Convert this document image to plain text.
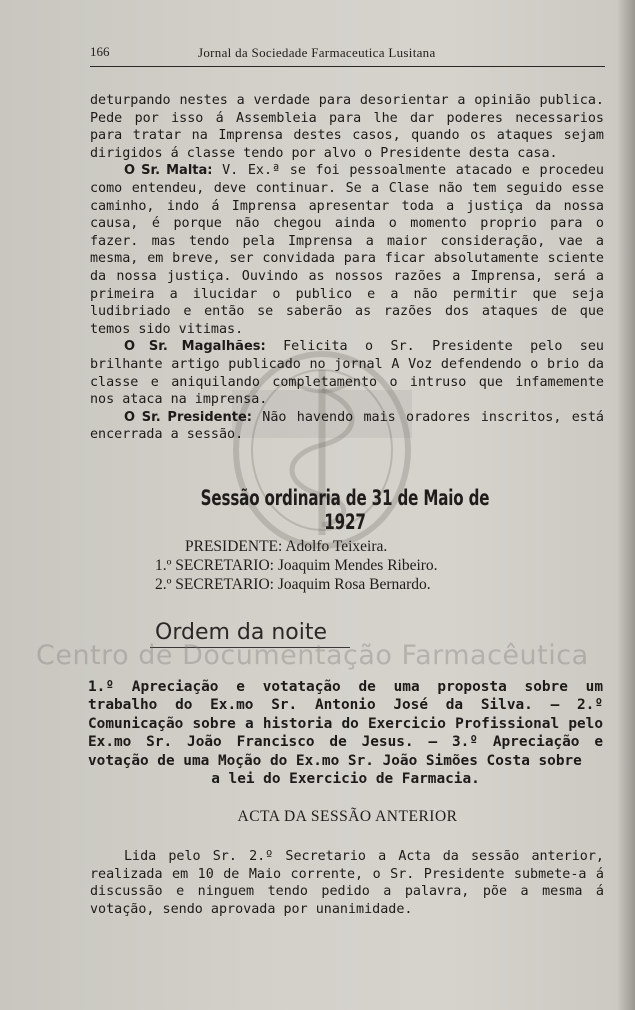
166	Jornal da Sociedade Farmaceutica Lusitana

deturpando nestes a verdade para desorientar a opinião publica. Pede por isso á Assembleia para lhe dar poderes necessarios para tratar na Imprensa destes casos, quando os ataques sejam dirigidos á classe tendo por alvo o Presidente desta casa.

O Sr. Malta: V. Ex.ª se foi pessoalmente atacado e procedeu como entendeu, deve continuar. Se a Clase não tem seguido esse caminho, indo á Imprensa apresentar toda a justiça da nossa causa, é porque não chegou ainda o momento proprio para o fazer. mas tendo pela Imprensa a maior consideração, vae a mesma, em breve, ser convidada para ficar absolutamente sciente da nossa justiça. Ouvindo as nossos razões a Imprensa, será a primeira a ilucidar o publico e a não permitir que seja ludibriado e então se saberão as razões dos ataques de que temos sido vitimas.

O Sr. Magalhães: Felicita o Sr. Presidente pelo seu brilhante artigo publicado no jornal A Voz defendendo o brio da classe e aniquilando completamento o intruso que infamemente nos ataca na imprensa.

O Sr. Presidente: Não havendo mais oradores inscritos, está encerrada a sessão.

Sessão ordinaria de 31 de Maio de 1927
PRESIDENTE: Adolfo Teixeira.
1.º SECRETARIO: Joaquim Mendes Ribeiro.
2.º SECRETARIO: Joaquim Rosa Bernardo.
Ordem da noite
Centro de Documentação Farmacêutica
1.º Apreciação e votatação de uma proposta sobre um trabalho do Ex.mo Sr. Antonio José da Silva. — 2.º Comunicação sobre a historia do Exercicio Profissional pelo Ex.mo Sr. João Francisco de Jesus. — 3.º Apreciação e votação de uma Moção do Ex.mo Sr. João Simões Costa sobre
a lei do Exercicio de Farmacia.
ACTA DA SESSÃO ANTERIOR

Lida pelo Sr. 2.º Secretario a Acta da sessão anterior, realizada em 10 de Maio corrente, o Sr. Presidente submete-a á discussão e ninguem tendo pedido a palavra, põe a mesma á votação, sendo aprovada por unanimidade.
